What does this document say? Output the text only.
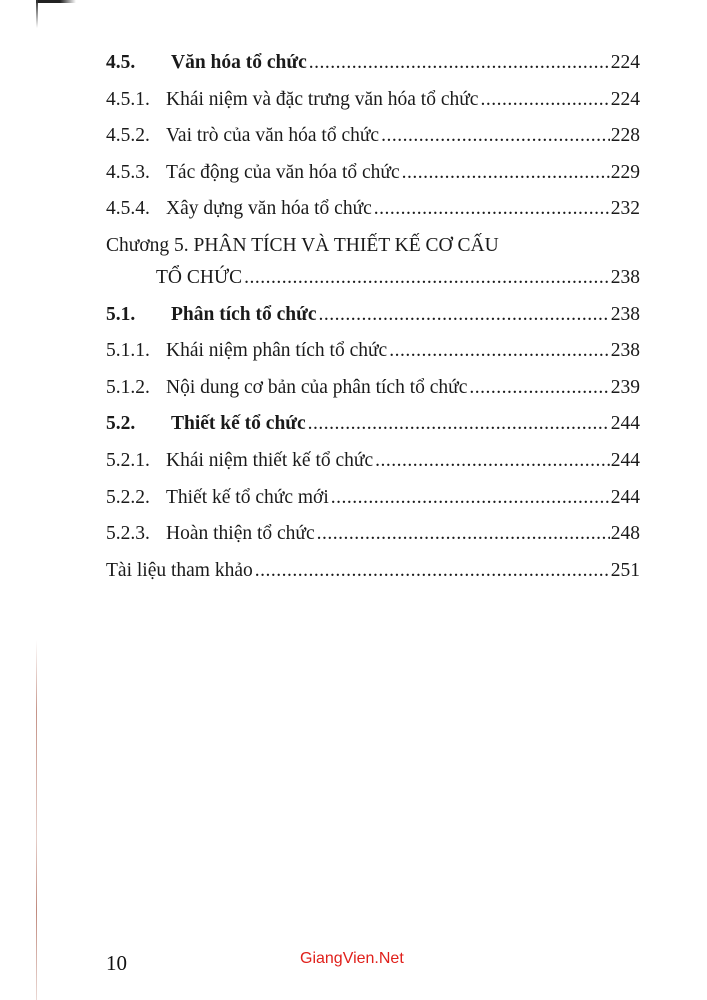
4.5.	Văn hóa tổ chức .....	224
4.5.1. Khái niệm và đặc trưng văn hóa tổ chức .....	224
4.5.2. Vai trò của văn hóa tổ chức .....	228
4.5.3. Tác động của văn hóa tổ chức .....	229
4.5.4. Xây dựng văn hóa tổ chức .....	232
Chương 5. PHÂN TÍCH VÀ THIẾT KẾ CƠ CẤU
TỔ CHỨC .....	238
5.1.	Phân tích tổ chức .....	238
5.1.1. Khái niệm phân tích tổ chức .....	238
5.1.2. Nội dung cơ bản của phân tích tổ chức .....	239
5.2.	Thiết kế tổ chức .....	244
5.2.1. Khái niệm thiết kế tổ chức .....	244
5.2.2. Thiết kế tổ chức mới .....	244
5.2.3. Hoàn thiện tổ chức .....	248
Tài liệu tham khảo .....	251
10	GiangVien.Net
